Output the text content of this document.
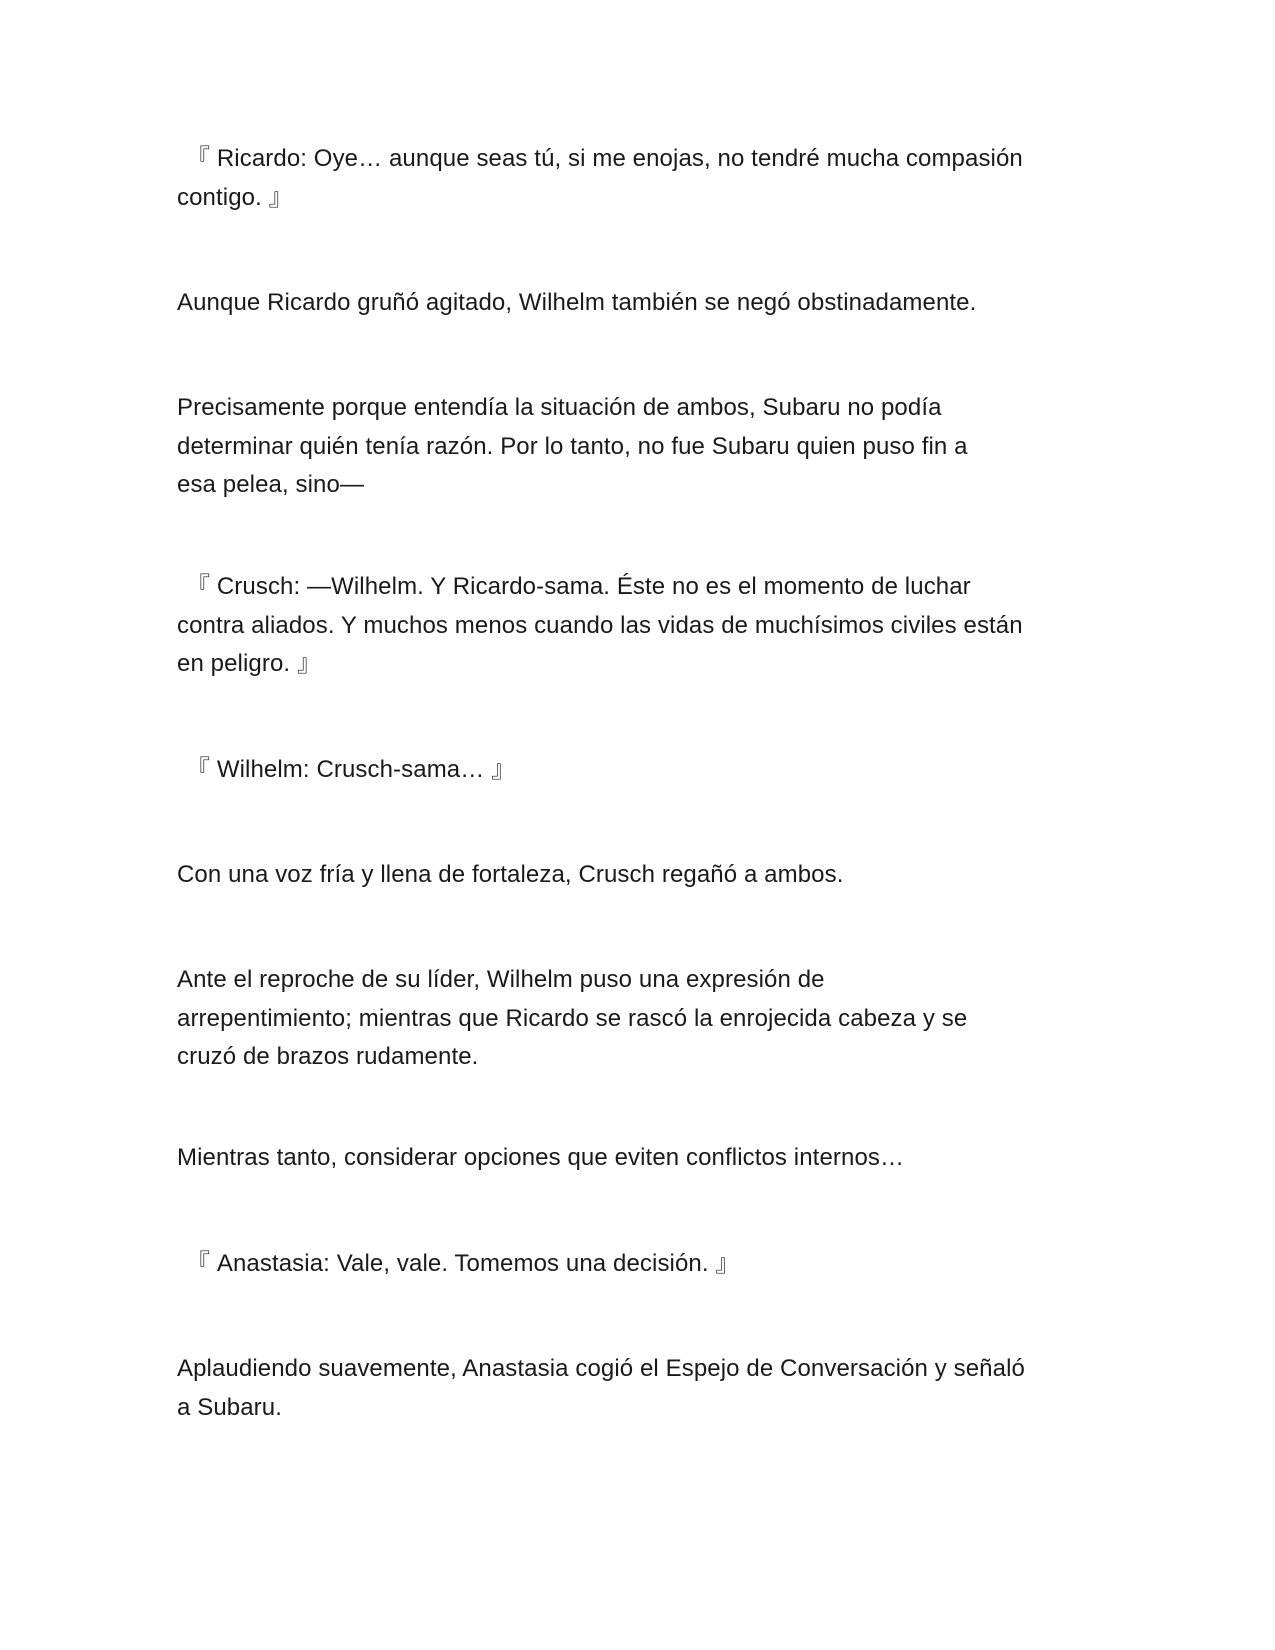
『 Ricardo: Oye… aunque seas tú, si me enojas, no tendré mucha compasión
contigo. 』

Aunque Ricardo gruñó agitado, Wilhelm también se negó obstinadamente.

Precisamente porque entendía la situación de ambos, Subaru no podía
determinar quién tenía razón. Por lo tanto, no fue Subaru quien puso fin a
esa pelea, sino—

『 Crusch: —Wilhelm. Y Ricardo-sama. Éste no es el momento de luchar
contra aliados. Y muchos menos cuando las vidas de muchísimos civiles están
en peligro. 』

『 Wilhelm: Crusch-sama… 』

Con una voz fría y llena de fortaleza, Crusch regañó a ambos.

Ante el reproche de su líder, Wilhelm puso una expresión de
arrepentimiento; mientras que Ricardo se rascó la enrojecida cabeza y se
cruzó de brazos rudamente.

Mientras tanto, considerar opciones que eviten conflictos internos…

『 Anastasia: Vale, vale. Tomemos una decisión. 』

Aplaudiendo suavemente, Anastasia cogió el Espejo de Conversación y señaló
a Subaru.
